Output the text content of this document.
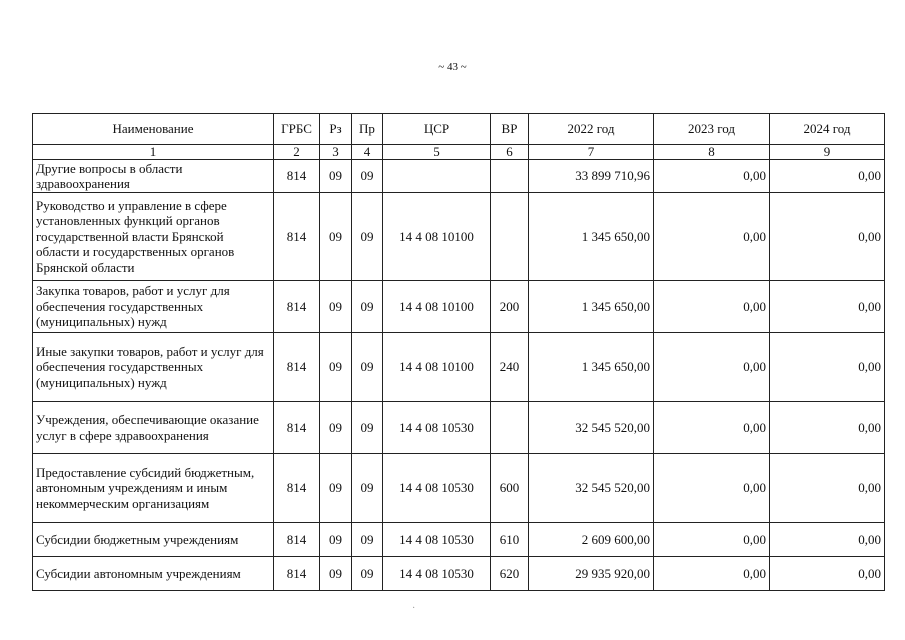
~ 43 ~
Наименование	ГРБС	Рз	Пр	ЦСР	ВР	2022 год	2023 год	2024 год
1	2	3	4	5	6	7	8	9
Другие вопросы в области здравоохранения	814	09	09			33 899 710,96	0,00	0,00
Руководство и управление в сфере установленных функций органов государственной власти Брянской области и государственных органов Брянской области	814	09	09	14 4 08 10100		1 345 650,00	0,00	0,00
Закупка товаров, работ и услуг для обеспечения государственных (муниципальных) нужд	814	09	09	14 4 08 10100	200	1 345 650,00	0,00	0,00
Иные закупки товаров, работ и услуг для обеспечения государственных (муниципальных) нужд	814	09	09	14 4 08 10100	240	1 345 650,00	0,00	0,00
Учреждения, обеспечивающие оказание услуг в сфере здравоохранения	814	09	09	14 4 08 10530		32 545 520,00	0,00	0,00
Предоставление субсидий бюджетным, автономным учреждениям и иным некоммерческим организациям	814	09	09	14 4 08 10530	600	32 545 520,00	0,00	0,00
Субсидии бюджетным учреждениям	814	09	09	14 4 08 10530	610	2 609 600,00	0,00	0,00
Субсидии автономным учреждениям	814	09	09	14 4 08 10530	620	29 935 920,00	0,00	0,00
·
